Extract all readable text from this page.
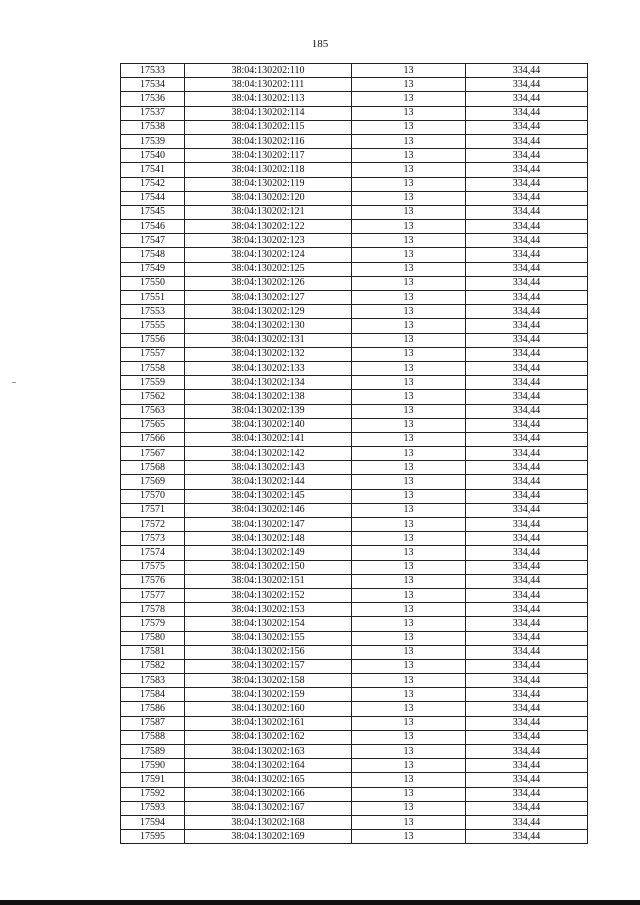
185
17533	38:04:130202:110	13	334,44
17534	38:04:130202:111	13	334,44
17536	38:04:130202:113	13	334,44
17537	38:04:130202:114	13	334,44
17538	38:04:130202:115	13	334,44
17539	38:04:130202:116	13	334,44
17540	38:04:130202:117	13	334,44
17541	38:04:130202:118	13	334,44
17542	38:04:130202:119	13	334,44
17544	38:04:130202:120	13	334,44
17545	38:04:130202:121	13	334,44
17546	38:04:130202:122	13	334,44
17547	38:04:130202:123	13	334,44
17548	38:04:130202:124	13	334,44
17549	38:04:130202:125	13	334,44
17550	38:04:130202:126	13	334,44
17551	38:04:130202:127	13	334,44
17553	38:04:130202:129	13	334,44
17555	38:04:130202:130	13	334,44
17556	38:04:130202:131	13	334,44
17557	38:04:130202:132	13	334,44
17558	38:04:130202:133	13	334,44
17559	38:04:130202:134	13	334,44
17562	38:04:130202:138	13	334,44
17563	38:04:130202:139	13	334,44
17565	38:04:130202:140	13	334,44
17566	38:04:130202:141	13	334,44
17567	38:04:130202:142	13	334,44
17568	38:04:130202:143	13	334,44
17569	38:04:130202:144	13	334,44
17570	38:04:130202:145	13	334,44
17571	38:04:130202:146	13	334,44
17572	38:04:130202:147	13	334,44
17573	38:04:130202:148	13	334,44
17574	38:04:130202:149	13	334,44
17575	38:04:130202:150	13	334,44
17576	38:04:130202:151	13	334,44
17577	38:04:130202:152	13	334,44
17578	38:04:130202:153	13	334,44
17579	38:04:130202:154	13	334,44
17580	38:04:130202:155	13	334,44
17581	38:04:130202:156	13	334,44
17582	38:04:130202:157	13	334,44
17583	38:04:130202:158	13	334,44
17584	38:04:130202:159	13	334,44
17586	38:04:130202:160	13	334,44
17587	38:04:130202:161	13	334,44
17588	38:04:130202:162	13	334,44
17589	38:04:130202:163	13	334,44
17590	38:04:130202:164	13	334,44
17591	38:04:130202:165	13	334,44
17592	38:04:130202:166	13	334,44
17593	38:04:130202:167	13	334,44
17594	38:04:130202:168	13	334,44
17595	38:04:130202:169	13	334,44
